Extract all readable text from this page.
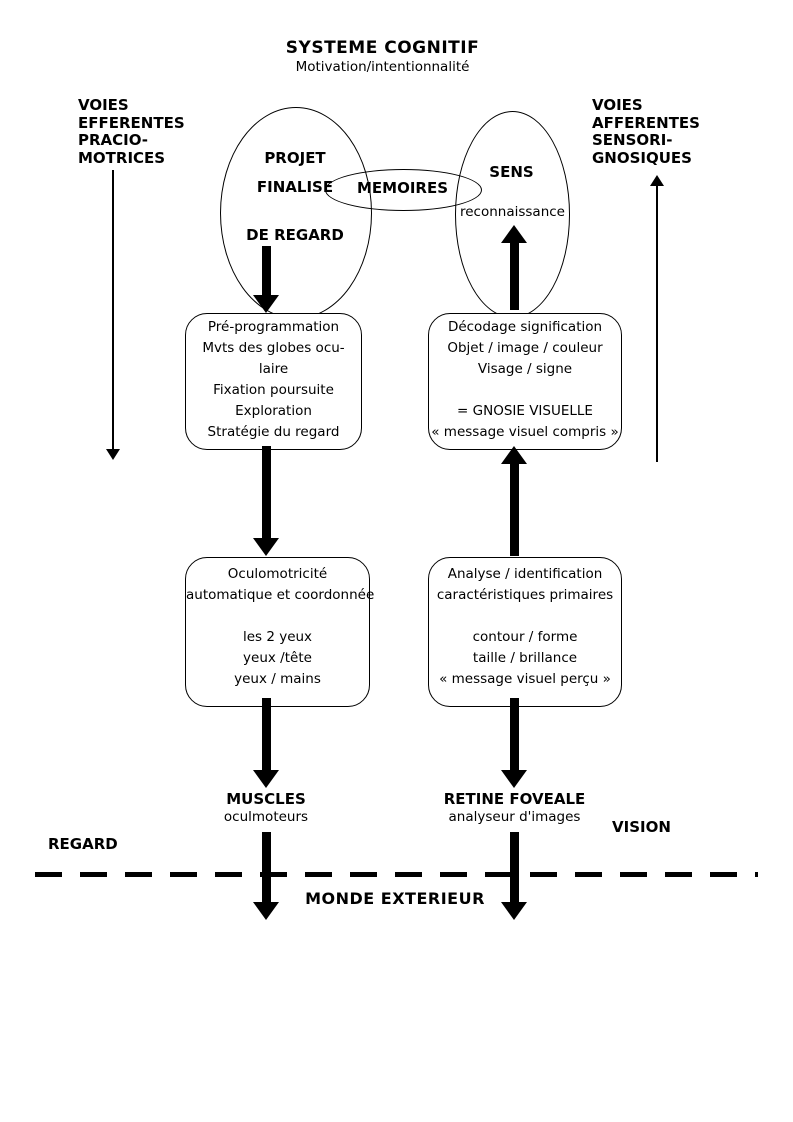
SYSTEME COGNITIF
Motivation/intentionnalité
VOIES
EFFERENTES
PRACIO-
MOTRICES
VOIES
AFFERENTES
SENSORI-
GNOSIQUES
PROJET
FINALISE
DE REGARD
MEMOIRES
SENS
reconnaissance
Pré-programmation
Mvts des globes ocu-
laire
Fixation poursuite
Exploration
Stratégie du regard
Décodage signification
Objet / image / couleur
Visage / signe
= GNOSIE VISUELLE
« message visuel compris »
Oculomotricité
automatique et coordonnée
les 2 yeux
yeux /tête
yeux / mains
Analyse / identification
caractéristiques primaires
contour / forme
taille / brillance
« message visuel perçu »
MUSCLES
oculmoteurs
RETINE FOVEALE
analyseur d'images
VISION
REGARD
MONDE EXTERIEUR
